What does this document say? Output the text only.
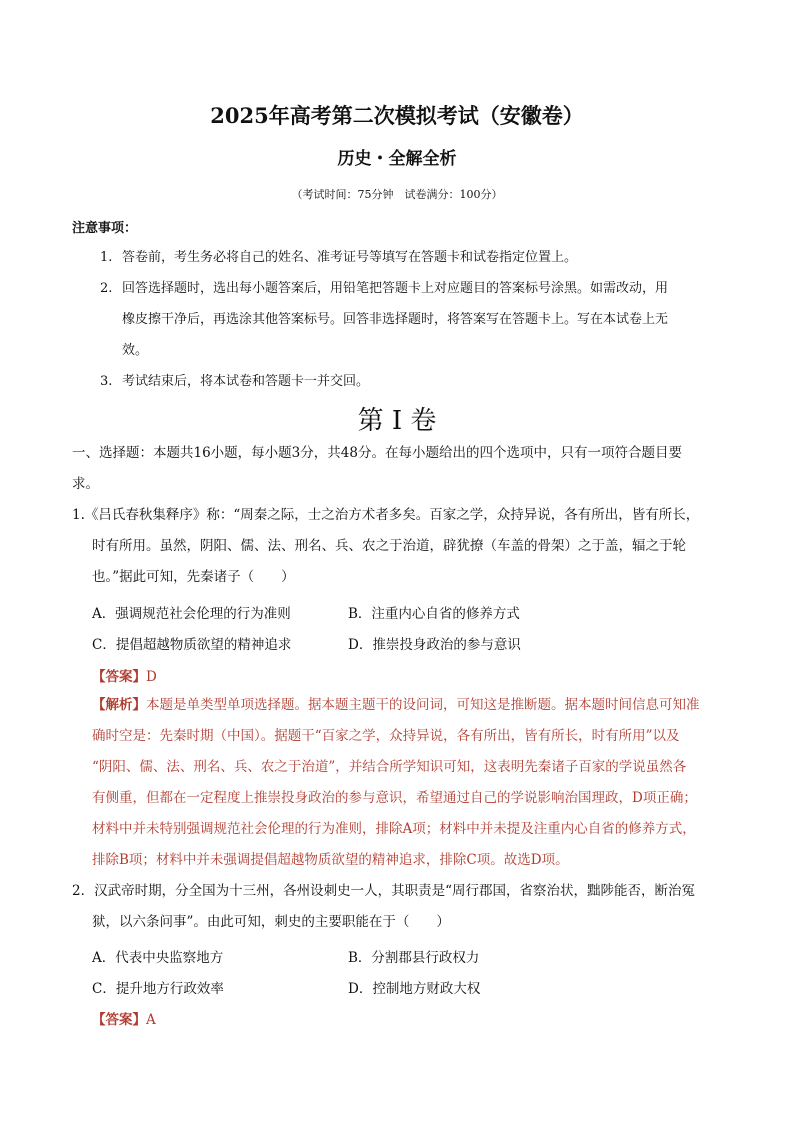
2025年高考第二次模拟考试（安徽卷）
历史・全解全析
（考试时间：75分钟　试卷满分：100分）
注意事项：
1. 答卷前，考生务必将自己的姓名、准考证号等填写在答题卡和试卷指定位置上。
2. 回答选择题时，选出每小题答案后，用铅笔把答题卡上对应题目的答案标号涂黑。如需改动，用
橡皮擦干净后，再选涂其他答案标号。回答非选择题时，将答案写在答题卡上。写在本试卷上无
效。
3. 考试结束后，将本试卷和答题卡一并交回。
第 I 卷
一、选择题：本题共16小题，每小题3分，共48分。在每小题给出的四个选项中，只有一项符合题目要
求。
1.《吕氏春秋集释序》称：“周秦之际，士之治方术者多矣。百家之学，众持异说，各有所出，皆有所长，
时有所用。虽然，阴阳、儒、法、刑名、兵、农之于治道，辟犹撩（车盖的骨架）之于盖，辐之于轮
也。”据此可知，先秦诸子（　　）
A．强调规范社会伦理的行为准则	B．注重内心自省的修养方式
C．提倡超越物质欲望的精神追求	D．推崇投身政治的参与意识
【答案】D
【解析】本题是单类型单项选择题。据本题主题干的设问词，可知这是推断题。据本题时间信息可知准
确时空是：先秦时期（中国）。据题干“百家之学，众持异说，各有所出，皆有所长，时有所用”以及
“阴阳、儒、法、刑名、兵、农之于治道”，并结合所学知识可知，这表明先秦诸子百家的学说虽然各
有侧重，但都在一定程度上推崇投身政治的参与意识，希望通过自己的学说影响治国理政，D项正确；
材料中并未特别强调规范社会伦理的行为准则，排除A项；材料中并未提及注重内心自省的修养方式，
排除B项；材料中并未强调提倡超越物质欲望的精神追求，排除C项。故选D项。
2．汉武帝时期，分全国为十三州，各州设刺史一人，其职责是“周行郡国，省察治状，黜陟能否，断治冤
狱，以六条问事”。由此可知，刺史的主要职能在于（　　）
A．代表中央监察地方	B．分割郡县行政权力
C．提升地方行政效率	D．控制地方财政大权
【答案】A
